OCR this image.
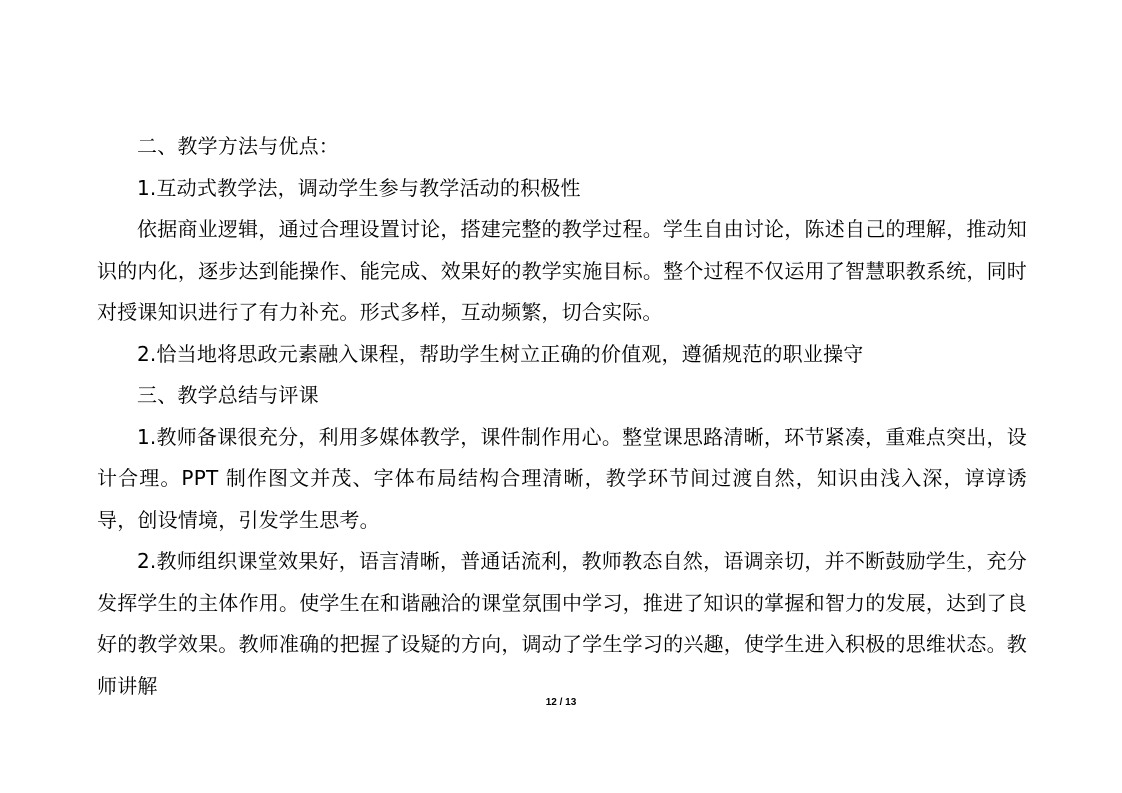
二、教学方法与优点：

1.互动式教学法，调动学生参与教学活动的积极性

依据商业逻辑，通过合理设置讨论，搭建完整的教学过程。学生自由讨论，陈述自己的理解，推动知识的内化，逐步达到能操作、能完成、效果好的教学实施目标。整个过程不仅运用了智慧职教系统，同时对授课知识进行了有力补充。形式多样，互动频繁，切合实际。

2.恰当地将思政元素融入课程，帮助学生树立正确的价值观，遵循规范的职业操守

三、教学总结与评课

1.教师备课很充分，利用多媒体教学，课件制作用心。整堂课思路清晰，环节紧凑，重难点突出，设计合理。PPT 制作图文并茂、字体布局结构合理清晰，教学环节间过渡自然，知识由浅入深，谆谆诱导，创设情境，引发学生思考。

2.教师组织课堂效果好，语言清晰，普通话流利，教师教态自然，语调亲切，并不断鼓励学生，充分发挥学生的主体作用。使学生在和谐融洽的课堂氛围中学习，推进了知识的掌握和智力的发展，达到了良好的教学效果。教师准确的把握了设疑的方向，调动了学生学习的兴趣，使学生进入积极的思维状态。教师讲解

12 / 13
